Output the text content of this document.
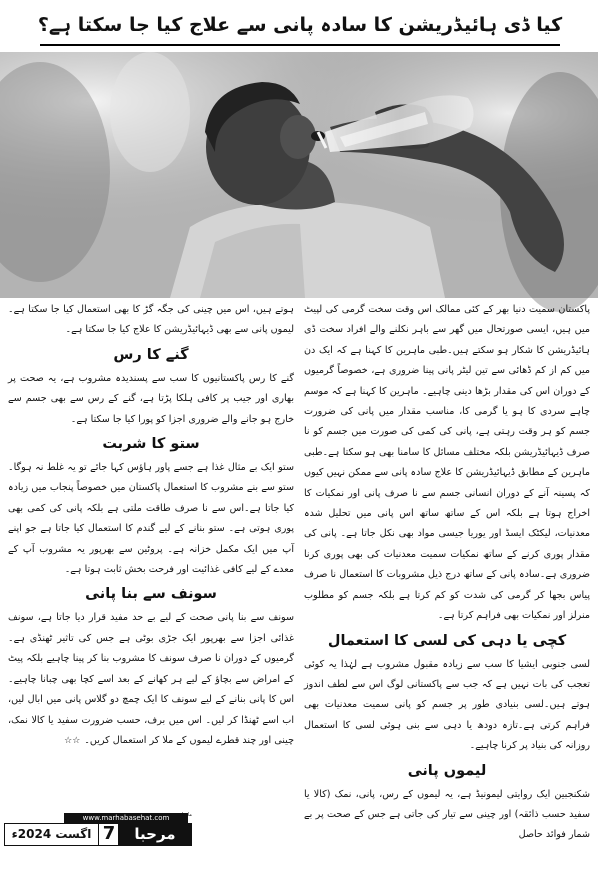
کیا ڈی ہائیڈریشن کا سادہ پانی سے علاج کیا جا سکتا ہے؟

پاکستان سمیت دنیا بھر کے کئی ممالک اس وقت سخت گرمی کی لپیٹ میں ہیں، ایسی صورتحال میں گھر سے باہر نکلنے والے افراد سخت ڈی ہائیڈریشن کا شکار ہو سکتے ہیں۔طبی ماہرین کا کہنا ہے کہ ایک دن میں کم از کم ڈھائی سے تین لیٹر پانی پینا ضروری ہے، خصوصاً گرمیوں کے دوران اس کی مقدار بڑھا دینی چاہیے۔ ماہرین کا کہنا ہے کہ موسم چاہے سردی کا ہو یا گرمی کا، مناسب مقدار میں پانی کی ضرورت جسم کو ہر وقت رہتی ہے، پانی کی کمی کی صورت میں جسم کو نا صرف ڈیہائیڈریشن بلکہ مختلف مسائل کا سامنا بھی ہو سکتا ہے۔طبی ماہرین کے مطابق ڈیہائیڈریشن کا علاج سادہ پانی سے ممکن نہیں کیوں کہ پسینہ آنے کے دوران انسانی جسم سے نا صرف پانی اور نمکیات کا اخراج ہوتا ہے بلکہ اس کے ساتھ ساتھ اس پانی میں تحلیل شدہ معدنیات، لیکٹک ایسڈ اور یوریا جیسی مواد بھی نکل جاتا ہے۔ پانی کی مقدار پوری کرنے کے ساتھ نمکیات سمیت معدنیات کی بھی پوری کرنا ضروری ہے۔سادہ پانی کے ساتھ درج ذیل مشروبات کا استعمال نا صرف پیاس بجھا کر گرمی کی شدت کو کم کرتا ہے بلکہ جسم کو مطلوب منرلز اور نمکیات بھی فراہم کرتا ہے۔

کچی یا دہی کی لسی کا استعمال

لسی جنوبی ایشیا کا سب سے زیادہ مقبول مشروب ہے لہٰذا یہ کوئی تعجب کی بات نہیں ہے کہ جب سے پاکستانی لوگ اس سے لطف اندوز ہوتے ہیں۔لسی بنیادی طور پر جسم کو پانی سمیت معدنیات بھی فراہم کرتی ہے۔تازہ دودھ یا دہی سے بنی ہوئی لسی کا استعمال روزانہ کی بنیاد پر کرنا چاہیے۔

لیموں پانی

شکنجبین ایک روایتی لیمونیڈ ہے، یہ لیموں کے رس، پانی، نمک (کالا یا سفید حسب ذائقہ) اور چینی سے تیار کی جاتی ہے جس کے صحت پر بے شمار فوائد حاصل

ہوتے ہیں، اس میں چینی کی جگہ گڑ کا بھی استعمال کیا جا سکتا ہے۔ لیموں پانی سے بھی ڈیہائیڈریشن کا علاج کیا جا سکتا ہے۔

گنے کا رس

گنے کا رس پاکستانیوں کا سب سے پسندیدہ مشروب ہے، یہ صحت پر بھاری اور جیب پر کافی ہلکا پڑتا ہے، گنے کے رس سے بھی جسم سے خارج ہو جانے والے ضروری اجزا کو پورا کیا جا سکتا ہے۔

ستو کا شربت

ستو ایک بے مثال غذا ہے جسے پاور ہاؤس کہا جائے تو یہ غلط نہ ہوگا۔ستو سے بنے مشروب کا استعمال پاکستان میں خصوصاً پنجاب میں زیادہ کیا جاتا ہے۔اس سے نا صرف طاقت ملتی ہے بلکہ پانی کی کمی بھی پوری ہوتی ہے۔ ستو بنانے کے لیے گندم کا استعمال کیا جاتا ہے جو اپنے آپ میں ایک مکمل خزانہ ہے۔ پروٹین سے بھرپور یہ مشروب آپ کے معدے کے لیے کافی غذائیت اور فرحت بخش ثابت ہوتا ہے۔

سونف سے بنا پانی

سونف سے بنا پانی صحت کے لیے بے حد مفید قرار دیا جاتا ہے، سونف غذائی اجزا سے بھرپور ایک جڑی بوٹی ہے جس کی تاثیر ٹھنڈی ہے۔ گرمیوں کے دوران نا صرف سونف کا مشروب بنا کر پینا چاہیے بلکہ پیٹ کے امراض سے بچاؤ کے لیے ہر کھانے کے بعد اسے کچا بھی چبانا چاہیے۔ اس کا پانی بنانے کے لیے سونف کا ایک چمچ دو گلاس پانی میں ابال لیں، اب اسے ٹھنڈا کر لیں۔ اس میں برف، حسب ضرورت سفید یا کالا نمک، چینی اور چند قطرے لیموں کے ملا کر استعمال کریں۔☆☆

اگست 2024ء 7
www.marhabasehat.com
مرحبا صحت
ماہنامہ
